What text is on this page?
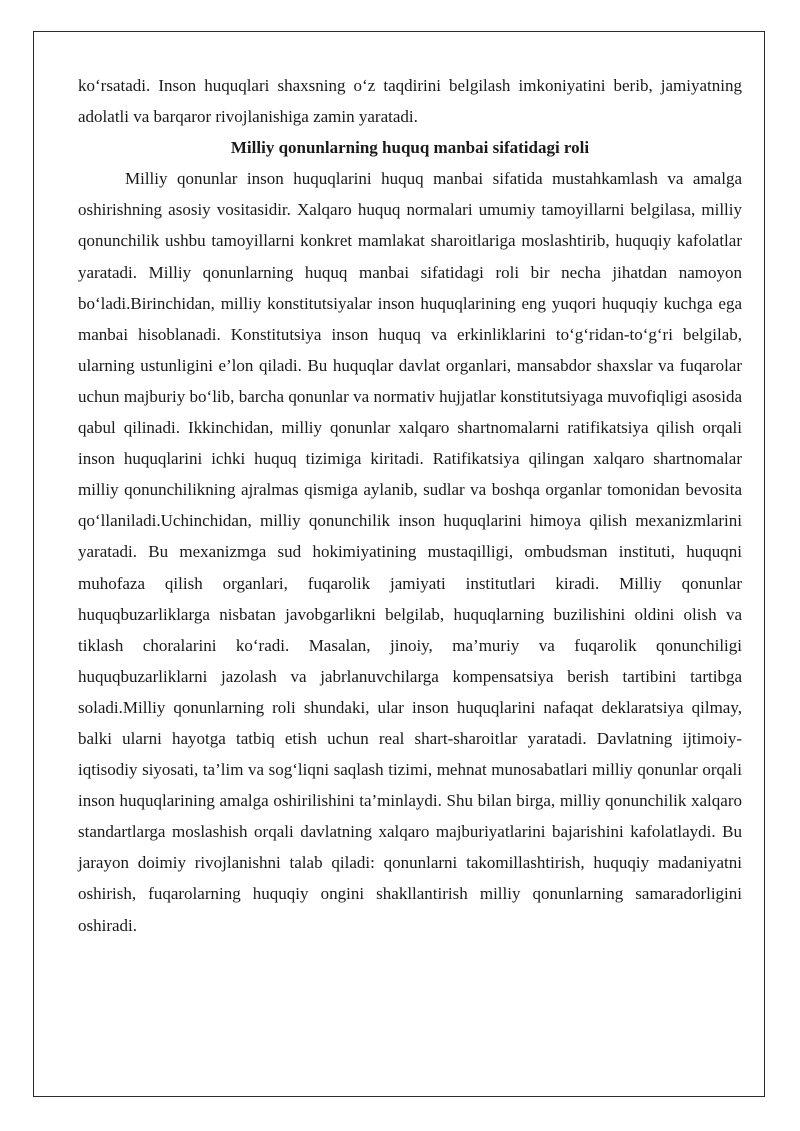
koʻrsatadi. Inson huquqlari shaxsning oʻz taqdirini belgilash imkoniyatini berib, jamiyatning adolatli va barqaror rivojlanishiga zamin yaratadi.

Milliy qonunlarning huquq manbai sifatidagi roli

Milliy qonunlar inson huquqlarini huquq manbai sifatida mustahkamlash va amalga oshirishning asosiy vositasidir. Xalqaro huquq normalari umumiy tamoyillarni belgilasa, milliy qonunchilik ushbu tamoyillarni konkret mamlakat sharoitlariga moslashtirib, huquqiy kafolatlar yaratadi. Milliy qonunlarning huquq manbai sifatidagi roli bir necha jihatdan namoyon boʻladi.Birinchidan, milliy konstitutsiyalar inson huquqlarining eng yuqori huquqiy kuchga ega manbai hisoblanadi. Konstitutsiya inson huquq va erkinliklarini toʻgʻridan-toʻgʻri belgilab, ularning ustunligini e’lon qiladi. Bu huquqlar davlat organlari, mansabdor shaxslar va fuqarolar uchun majburiy boʻlib, barcha qonunlar va normativ hujjatlar konstitutsiyaga muvofiqligi asosida qabul qilinadi. Ikkinchidan, milliy qonunlar xalqaro shartnomalarni ratifikatsiya qilish orqali inson huquqlarini ichki huquq tizimiga kiritadi. Ratifikatsiya qilingan xalqaro shartnomalar milliy qonunchilikning ajralmas qismiga aylanib, sudlar va boshqa organlar tomonidan bevosita qoʻllaniladi.Uchinchidan, milliy qonunchilik inson huquqlarini himoya qilish mexanizmlarini yaratadi. Bu mexanizmga sud hokimiyatining mustaqilligi, ombudsman instituti, huquqni muhofaza qilish organlari, fuqarolik jamiyati institutlari kiradi. Milliy qonunlar huquqbuzarliklarga nisbatan javobgarlikni belgilab, huquqlarning buzilishini oldini olish va tiklash choralarini koʻradi. Masalan, jinoiy, ma’muriy va fuqarolik qonunchiligi huquqbuzarliklarni jazolash va jabrlanuvchilarga kompensatsiya berish tartibini tartibga soladi.Milliy qonunlarning roli shundaki, ular inson huquqlarini nafaqat deklaratsiya qilmay, balki ularni hayotga tatbiq etish uchun real shart-sharoitlar yaratadi. Davlatning ijtimoiy-iqtisodiy siyosati, ta’lim va sogʻliqni saqlash tizimi, mehnat munosabatlari milliy qonunlar orqali inson huquqlarining amalga oshirilishini ta’minlaydi. Shu bilan birga, milliy qonunchilik xalqaro standartlarga moslashish orqali davlatning xalqaro majburiyatlarini bajarishini kafolatlaydi. Bu jarayon doimiy rivojlanishni talab qiladi: qonunlarni takomillashtirish, huquqiy madaniyatni oshirish, fuqarolarning huquqiy ongini shakllantirish milliy qonunlarning samaradorligini oshiradi.
